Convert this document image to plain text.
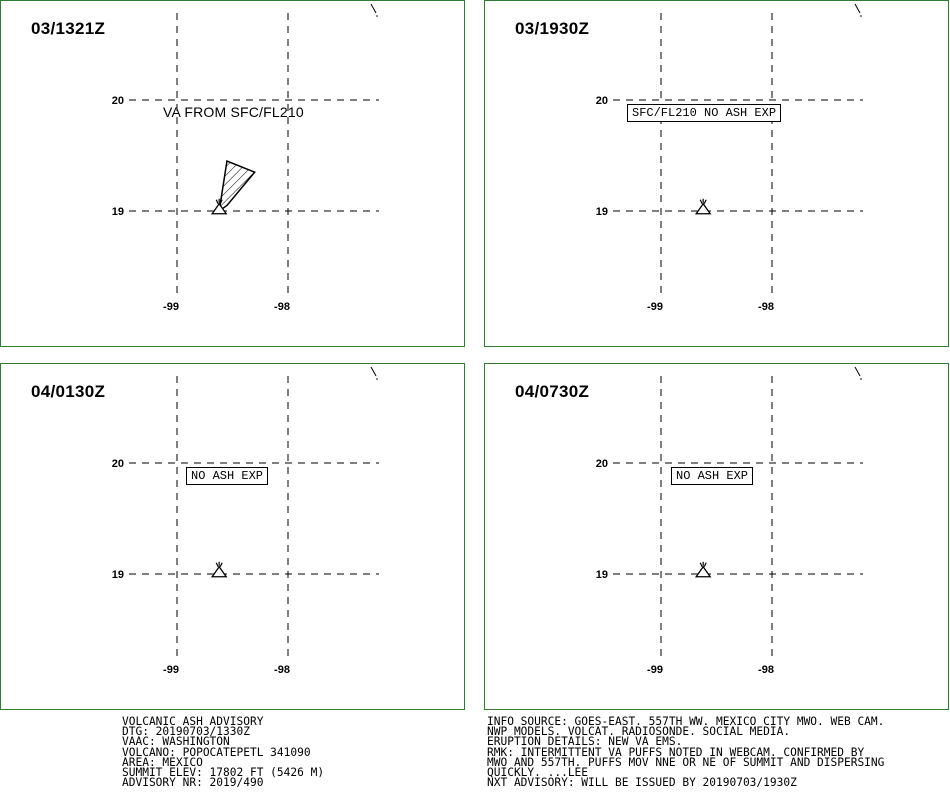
03/1321Z
20
19
-99	-98
VA FROM SFC/FL210
03/1930Z
20
19
-99	-98
SFC/FL210 NO ASH EXP
04/0130Z
20
19
-99	-98
NO ASH EXP
04/0730Z
20
19
-99	-98
NO ASH EXP
VOLCANIC ASH ADVISORY
DTG: 20190703/1330Z
VAAC: WASHINGTON
VOLCANO: POPOCATEPETL 341090
AREA: MEXICO
SUMMIT ELEV: 17802 FT (5426 M)
ADVISORY NR: 2019/490
INFO SOURCE: GOES-EAST. 557TH WW. MEXICO CITY MWO. WEB CAM.
NWP MODELS. VOLCAT. RADIOSONDE. SOCIAL MEDIA.
ERUPTION DETAILS: NEW VA EMS.
RMK: INTERMITTENT VA PUFFS NOTED IN WEBCAM. CONFIRMED BY
MWO AND 557TH. PUFFS MOV NNE OR NE OF SUMMIT AND DISPERSING
QUICKLY. ...LEE
NXT ADVISORY: WILL BE ISSUED BY 20190703/1930Z
